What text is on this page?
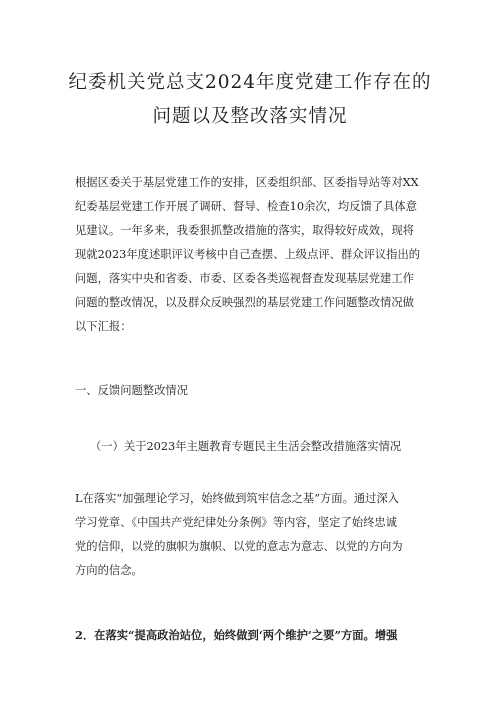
纪委机关党总支2024年度党建工作存在的
问题以及整改落实情况
根据区委关于基层党建工作的安排，区委组织部、区委指导站等对XX
纪委基层党建工作开展了调研、督导、检查10余次，均反馈了具体意
见建议。一年多来，我委狠抓整改措施的落实，取得较好成效，现将
现就2023年度述职评议考核中自己查摆、上级点评、群众评议指出的
问题，落实中央和省委、市委、区委各类巡视督查发现基层党建工作
问题的整改情况，以及群众反映强烈的基层党建工作问题整改情况做
以下汇报：
一、反馈问题整改情况
（一）关于2023年主题教育专题民主生活会整改措施落实情况
L在落实“加强理论学习，始终做到筑牢信念之基”方面。通过深入
学习党章、《中国共产党纪律处分条例》等内容，坚定了始终忠诚
党的信仰，以党的旗帜为旗帜、以党的意志为意志、以党的方向为
方向的信念。
2．在落实“提高政治站位，始终做到‘两个维护’之要”方面。增强
